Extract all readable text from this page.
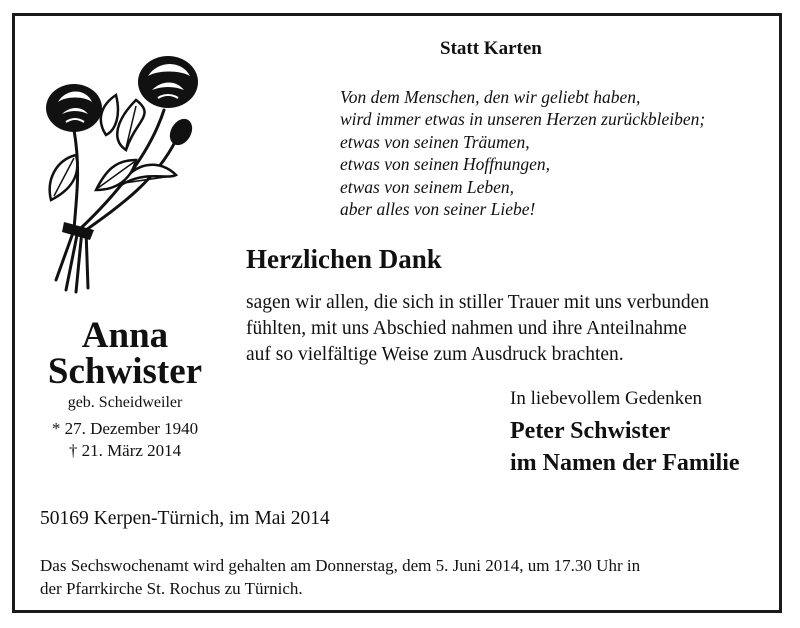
Statt Karten
Von dem Menschen, den wir geliebt haben,
wird immer etwas in unseren Herzen zurückbleiben;
etwas von seinen Träumen,
etwas von seinen Hoffnungen,
etwas von seinem Leben,
aber alles von seiner Liebe!
Herzlichen Dank
sagen wir allen, die sich in stiller Trauer mit uns verbunden
fühlten, mit uns Abschied nahmen und ihre Anteilnahme
auf so vielfältige Weise zum Ausdruck brachten.
Anna
Schwister
geb. Scheidweiler
* 27. Dezember 1940
† 21. März 2014
In liebevollem Gedenken
Peter Schwister
im Namen der Familie
50169 Kerpen-Türnich, im Mai 2014
Das Sechswochenamt wird gehalten am Donnerstag, dem 5. Juni 2014, um 17.30 Uhr in
der Pfarrkirche St. Rochus zu Türnich.
